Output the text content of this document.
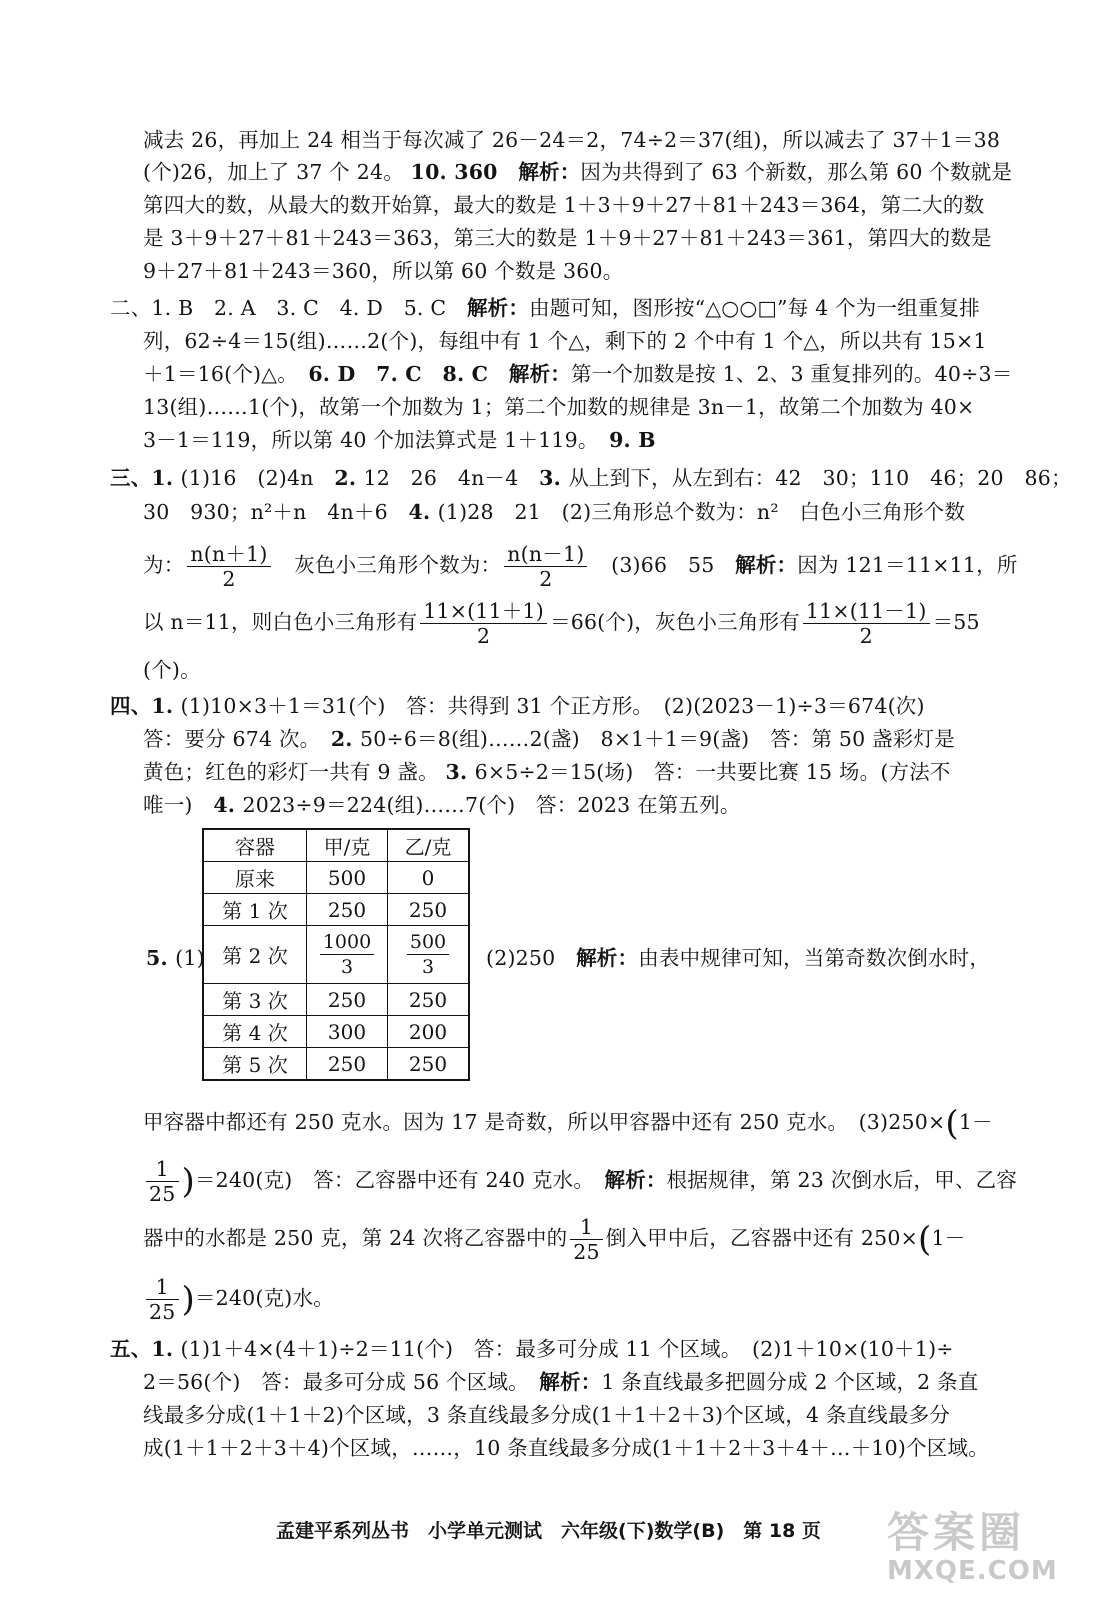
减去 26，再加上 24 相当于每次减了 26－24＝2，74÷2＝37(组)，所以减去了 37＋1＝38
(个)26，加上了 37 个 24。 10. 360　解析：因为共得到了 63 个新数，那么第 60 个数就是
第四大的数，从最大的数开始算，最大的数是 1＋3＋9＋27＋81＋243＝364，第二大的数
是 3＋9＋27＋81＋243＝363，第三大的数是 1＋9＋27＋81＋243＝361，第四大的数是
9＋27＋81＋243＝360，所以第 60 个数是 360。
二、1. B　2. A　3. C　4. D　5. C　解析：由题可知，图形按“△○○□”每 4 个为一组重复排
列，62÷4＝15(组)……2(个)，每组中有 1 个△，剩下的 2 个中有 1 个△，所以共有 15×1
＋1＝16(个)△。　6. D　7. C　8. C　解析：第一个加数是按 1、2、3 重复排列的。40÷3＝
13(组)……1(个)，故第一个加数为 1；第二个加数的规律是 3n－1，故第二个加数为 40×
3－1＝119，所以第 40 个加法算式是 1＋119。　9. B
三、1. (1)16　(2)4n　2. 12　26　4n－4　3. 从上到下，从左到右：42　30；110　46；20　86；
30　930；n²＋n　4n＋6　4. (1)28　21　(2)三角形总个数为：n²　白色小三角形个数
为： $\frac{n(n+1)}{2}$ 　灰色小三角形个数为： $\frac{n(n-1)}{2}$ 　(3)66　55　解析：因为 121＝11×11，所
以 n＝11，则白色小三角形有 $\frac{11\times(11+1)}{2} =66$(个)，灰色小三角形有 $\frac{11\times(11-1)}{2} =55$
(个)。
四、1. (1)10×3＋1＝31(个)　答：共得到 31 个正方形。　(2)(2023－1)÷3＝674(次)
答：要分 674 次。　2. 50÷6＝8(组)……2(盏)　8×1＋1＝9(盏)　答：第 50 盏彩灯是
黄色；红色的彩灯一共有 9 盏。 3. 6×5÷2＝15(场)　答：一共要比赛 15 场。(方法不
唯一)　4. 2023÷9＝224(组)……7(个)　答：2023 在第五列。
5. (1)
容器	甲/克	乙/克
原来	500	0
第 1 次	250	250
第 2 次	$\frac{1000}{3}$	$\frac{500}{3}$

第 3 次	250	250
第 4 次	300	200
第 5 次	250	250
(2)250　解析：由表中规律可知，当第奇数次倒水时，
甲容器中都还有 250 克水。因为 17 是奇数，所以甲容器中还有 250 克水。　(3)250×(1－
$\frac{1}{25} )=240$(克)　答：乙容器中还有 240 克水。　解析：根据规律，第 23 次倒水后，甲、乙容
器中的水都是 250 克，第 24 次将乙容器中的 $\frac{1}{25}$ 倒入甲中后，乙容器中还有 250×(1－
$\frac{1}{25} )=240$(克)水。
五、1. (1)1＋4×(4＋1)÷2＝11(个)　答：最多可分成 11 个区域。　(2)1＋10×(10＋1)÷
2＝56(个)　答：最多可分成 56 个区域。　解析：1 条直线最多把圆分成 2 个区域，2 条直
线最多分成(1＋1＋2)个区域，3 条直线最多分成(1＋1＋2＋3)个区域，4 条直线最多分
成(1＋1＋2＋3＋4)个区域，……，10 条直线最多分成(1＋1＋2＋3＋4＋…＋10)个区域。
孟建平系列丛书　小学单元测试　六年级(下)数学(B)　第 18 页	答案圈
MXQE.COM
